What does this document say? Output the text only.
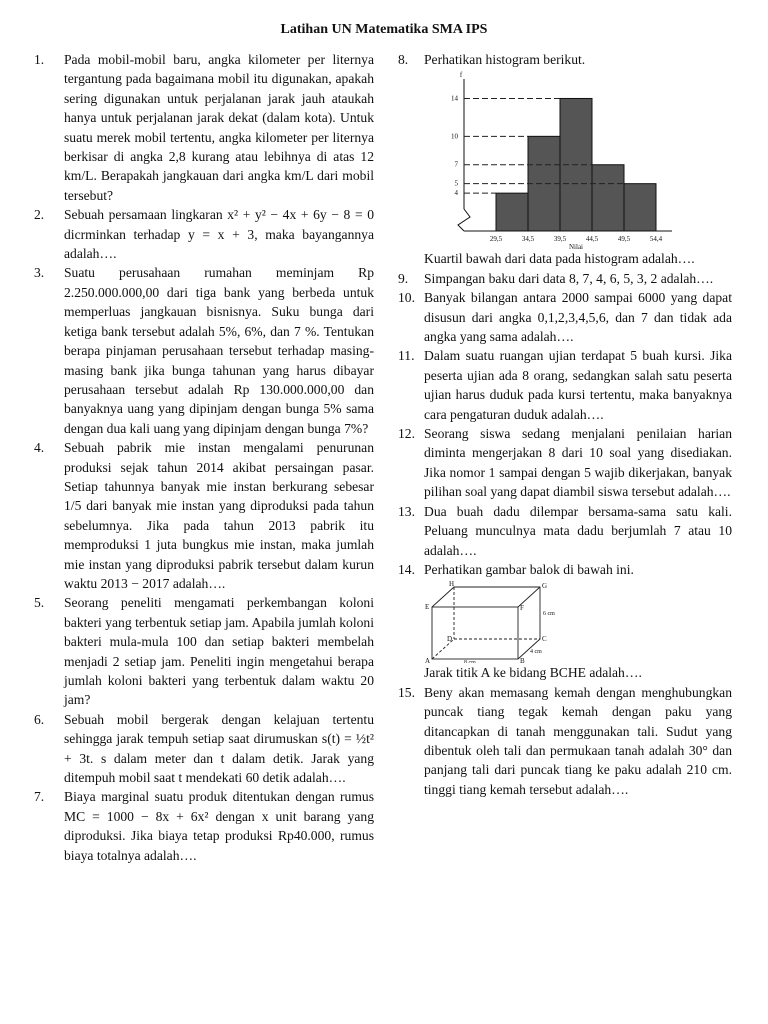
Latihan UN Matematika SMA IPS
1.	Pada mobil-mobil baru, angka kilometer per liternya tergantung pada bagaimana mobil itu digunakan, apakah sering digunakan untuk perjalanan jarak jauh ataukah hanya untuk perjalanan jarak dekat (dalam kota). Untuk suatu merek mobil tertentu, angka kilometer per liternya berkisar di angka 2,8 kurang atau lebihnya di atas 12 km/L. Berapakah jangkauan dari angka km/L dari mobil tersebut?
2.	Sebuah persamaan lingkaran x² + y² − 4x + 6y − 8 = 0 dicrminkan terhadap y = x + 3, maka bayangannya adalah….
3.	Suatu perusahaan rumahan meminjam Rp 2.250.000.000,00 dari tiga bank yang berbeda untuk memperluas jangkauan bisnisnya. Suku bunga dari ketiga bank tersebut adalah 5%, 6%, dan 7 %. Tentukan berapa pinjaman perusahaan tersebut terhadap masing-masing bank jika bunga tahunan yang harus dibayar perusahaan tersebut adalah Rp 130.000.000,00 dan banyaknya uang yang dipinjam dengan bunga 5% sama dengan dua kali uang yang dipinjam dengan bunga 7%?
4.	Sebuah pabrik mie instan mengalami penurunan produksi sejak tahun 2014 akibat persaingan pasar. Setiap tahunnya banyak mie instan berkurang sebesar 1/5 dari banyak mie instan yang diproduksi pada tahun sebelumnya. Jika pada tahun 2013 pabrik itu memproduksi 1 juta bungkus mie instan, maka jumlah mie instan yang diproduksi pabrik tersebut dalam kurun waktu 2013 − 2017 adalah….
5.	Seorang peneliti mengamati perkembangan koloni bakteri yang terbentuk setiap jam. Apabila jumlah koloni bakteri mula-mula 100 dan setiap bakteri membelah menjadi 2 setiap jam. Peneliti ingin mengetahui berapa jumlah koloni bakteri yang terbentuk dalam waktu 20 jam?
6.	Sebuah mobil bergerak dengan kelajuan tertentu sehingga jarak tempuh setiap saat dirumuskan s(t) = ½t² + 3t. s dalam meter dan t dalam detik. Jarak yang ditempuh mobil saat t mendekati 60 detik adalah….
7.	Biaya marginal suatu produk ditentukan dengan rumus MC = 1000 − 8x + 6x² dengan x unit barang yang diproduksi. Jika biaya tetap produksi Rp40.000, rumus biaya totalnya adalah….
8.	Perhatikan histogram berikut.
f
4
5
7
10
14
29,5	34,5	39,5	44,5	49,5	54,4
Nilai
Kuartil bawah dari data pada histogram adalah….
9.	Simpangan baku dari data 8, 7, 4, 6, 5, 3, 2 adalah….
10. Banyak bilangan antara 2000 sampai 6000 yang dapat disusun dari angka 0,1,2,3,4,5,6, dan 7 dan tidak ada angka yang sama adalah….
11. Dalam suatu ruangan ujian terdapat 5 buah kursi. Jika peserta ujian ada 8 orang, sedangkan salah satu peserta ujian harus duduk pada kursi tertentu, maka banyaknya cara pengaturan duduk adalah….
12. Seorang siswa sedang menjalani penilaian harian diminta mengerjakan 8 dari 10 soal yang disediakan. Jika nomor 1 sampai dengan 5 wajib dikerjakan, banyak pilihan soal yang dapat diambil siswa tersebut adalah….
13. Dua buah dadu dilempar bersama-sama satu kali. Peluang munculnya mata dadu berjumlah 7 atau 10 adalah….
14. Perhatikan gambar balok di bawah ini.
A	B
C
D
E	F
G
H
8 cm
4 cm
6 cm
Jarak titik A ke bidang BCHE adalah….
15. Beny akan memasang kemah dengan menghubungkan puncak tiang tegak kemah dengan paku yang ditancapkan di tanah menggunakan tali. Sudut yang dibentuk oleh tali dan permukaan tanah adalah 30° dan panjang tali dari puncak tiang ke paku adalah 210 cm. tinggi tiang kemah tersebut adalah….
